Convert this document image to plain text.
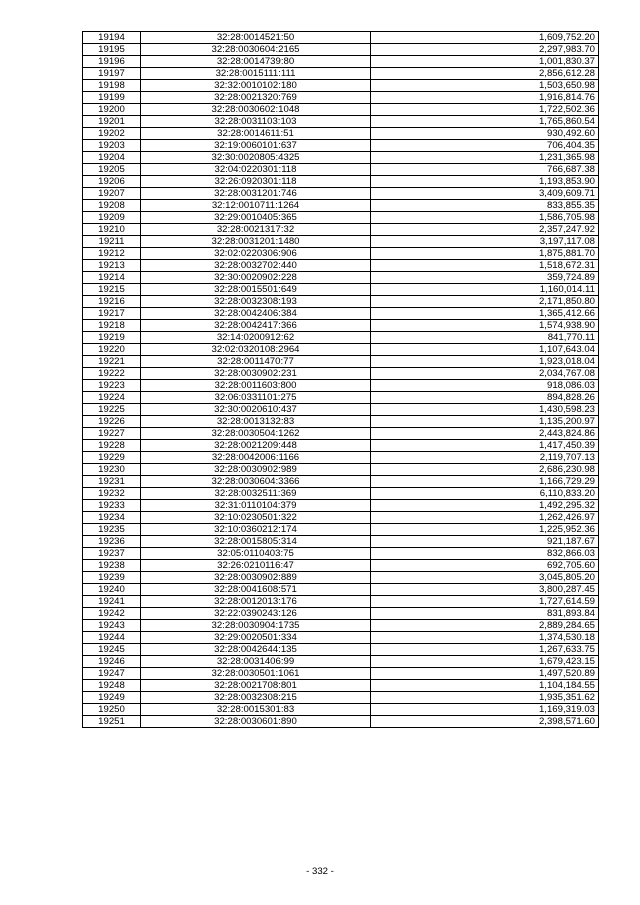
19194	32:28:0014521:50	1,609,752.20
19195	32:28:0030604:2165	2,297,983.70
19196	32:28:0014739:80	1,001,830.37
19197	32:28:0015111:111	2,856,612.28
19198	32:32:0010102:180	1,503,650.98
19199	32:28:0021320:769	1,916,814.76
19200	32:28:0030602:1048	1,722,502.36
19201	32:28:0031103:103	1,765,860.54
19202	32:28:0014611:51	930,492.60
19203	32:19:0060101:637	706,404.35
19204	32:30:0020805:4325	1,231,365.98
19205	32:04:0220301:118	766,687.38
19206	32:26:0920301:118	1,193,853.90
19207	32:28:0031201:746	3,409,609.71
19208	32:12:0010711:1264	833,855.35
19209	32:29:0010405:365	1,586,705.98
19210	32:28:0021317:32	2,357,247.92
19211	32:28:0031201:1480	3,197,117.08
19212	32:02:0220306:906	1,875,881.70
19213	32:28:0032702:440	1,518,672.31
19214	32:30:0020902:228	359,724.89
19215	32:28:0015501:649	1,160,014.11
19216	32:28:0032308:193	2,171,850.80
19217	32:28:0042406:384	1,365,412.66
19218	32:28:0042417:366	1,574,938.90
19219	32:14:0200912:62	841,770.11
19220	32:02:0320108:2964	1,107,643.04
19221	32:28:0011470:77	1,923,018.04
19222	32:28:0030902:231	2,034,767.08
19223	32:28:0011603:800	918,086.03
19224	32:06:0331101:275	894,828.26
19225	32:30:0020610:437	1,430,598.23
19226	32:28:0013132:83	1,135,200.97
19227	32:28:0030504:1262	2,443,824.86
19228	32:28:0021209:448	1,417,450.39
19229	32:28:0042006:1166	2,119,707.13
19230	32:28:0030902:989	2,686,230.98
19231	32:28:0030604:3366	1,166,729.29
19232	32:28:0032511:369	6,110,833.20
19233	32:31:0110104:379	1,492,295.32
19234	32:10:0230501:322	1,262,426.97
19235	32:10:0360212:174	1,225,952.36
19236	32:28:0015805:314	921,187.67
19237	32:05:0110403:75	832,866.03
19238	32:26:0210116:47	692,705.60
19239	32:28:0030902:889	3,045,805.20
19240	32:28:0041608:571	3,800,287.45
19241	32:28:0012013:176	1,727,614.59
19242	32:22:0390243:126	831,893.84
19243	32:28:0030904:1735	2,889,284.65
19244	32:29:0020501:334	1,374,530.18
19245	32:28:0042644:135	1,267,633.75
19246	32:28:0031406:99	1,679,423.15
19247	32:28:0030501:1061	1,497,520.89
19248	32:28:0021708:801	1,104,184.55
19249	32:28:0032308:215	1,935,351.62
19250	32:28:0015301:83	1,169,319.03
19251	32:28:0030601:890	2,398,571.60
- 332 -
